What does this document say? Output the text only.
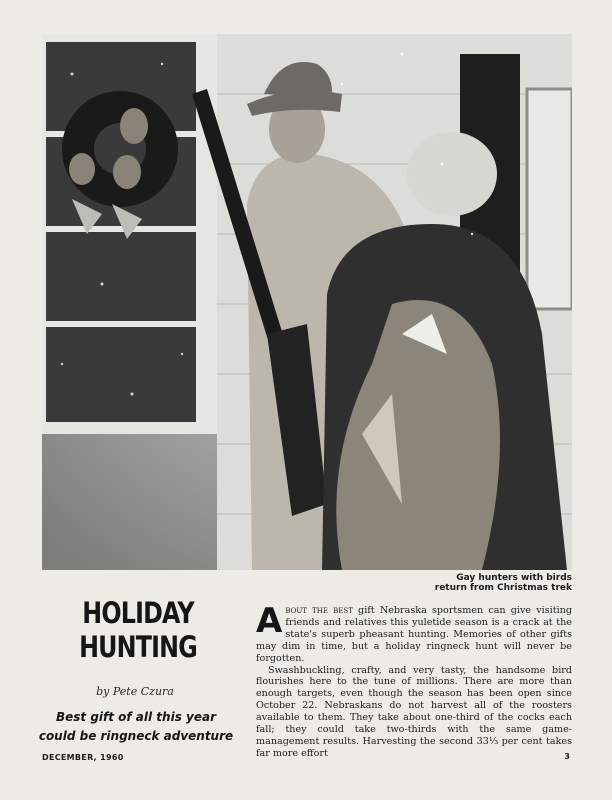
Gay hunters with birds
return from Christmas trek
HOLIDAY
HUNTING
by Pete Czura
Best gift of all this year
could be ringneck adventure

About the best gift Nebraska sportsmen can give visiting friends and relatives this yuletide season is a crack at the state's superb pheasant hunting. Memories of other gifts may dim in time, but a holiday ringneck hunt will never be forgotten.

Swashbuckling, crafty, and very tasty, the handsome bird flourishes here to the tune of millions. There are more than enough targets, even though the season has been open since October 22. Nebraskans do not harvest all of the roosters available to them. They take about one-third of the cocks each fall; they could take two-thirds with the same game-management results. Harvesting the second 33⅓ per cent takes far more effort

DECEMBER, 1960	3
